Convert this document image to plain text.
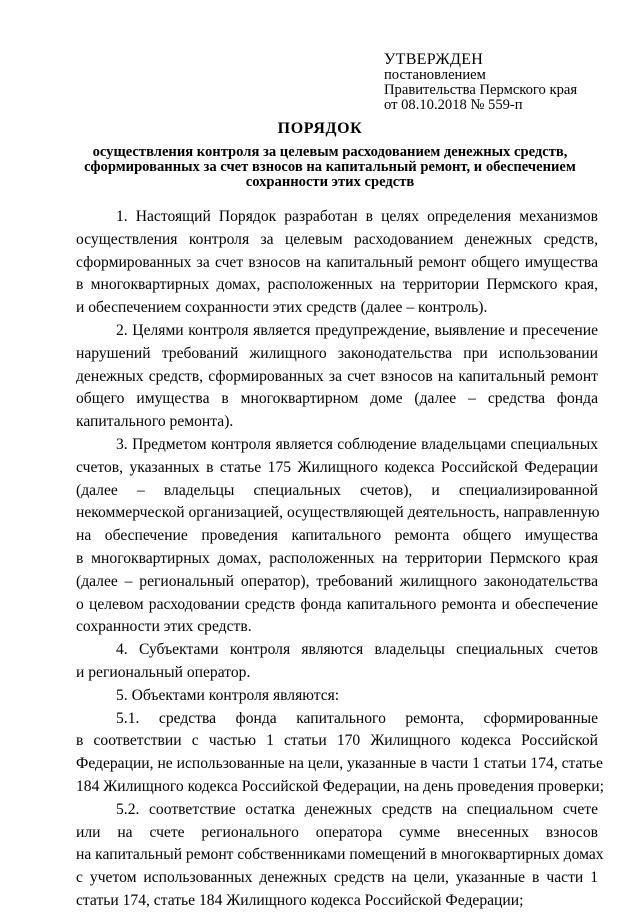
УТВЕРЖДЕН
постановлением
Правительства Пермского края
от 08.10.2018 № 559-п
ПОРЯДОК
осуществления контроля за целевым расходованием денежных средств,
сформированных за счет взносов на капитальный ремонт, и обеспечением
сохранности этих средств
1. Настоящий Порядок разработан в целях определения механизмов
осуществления контроля за целевым расходованием денежных средств,
сформированных за счет взносов на капитальный ремонт общего имущества
в многоквартирных домах, расположенных на территории Пермского края,
и обеспечением сохранности этих средств (далее – контроль).
2. Целями контроля является предупреждение, выявление и пресечение
нарушений требований жилищного законодательства при использовании
денежных средств, сформированных за счет взносов на капитальный ремонт
общего имущества в многоквартирном доме (далее – средства фонда
капитального ремонта).
3. Предметом контроля является соблюдение владельцами специальных
счетов, указанных в статье 175 Жилищного кодекса Российской Федерации
(далее – владельцы специальных счетов), и специализированной
некоммерческой организацией, осуществляющей деятельность, направленную
на обеспечение проведения капитального ремонта общего имущества
в многоквартирных домах, расположенных на территории Пермского края
(далее – региональный оператор), требований жилищного законодательства
о целевом расходовании средств фонда капитального ремонта и обеспечение
сохранности этих средств.
4. Субъектами контроля являются владельцы специальных счетов
и региональный оператор.
5. Объектами контроля являются:
5.1. средства фонда капитального ремонта, сформированные
в соответствии с частью 1 статьи 170 Жилищного кодекса Российской
Федерации, не использованные на цели, указанные в части 1 статьи 174, статье
184 Жилищного кодекса Российской Федерации, на день проведения проверки;
5.2. соответствие остатка денежных средств на специальном счете
или на счете регионального оператора сумме внесенных взносов
на капитальный ремонт собственниками помещений в многоквартирных домах
с учетом использованных денежных средств на цели, указанные в части 1
статьи 174, статье 184 Жилищного кодекса Российской Федерации;
